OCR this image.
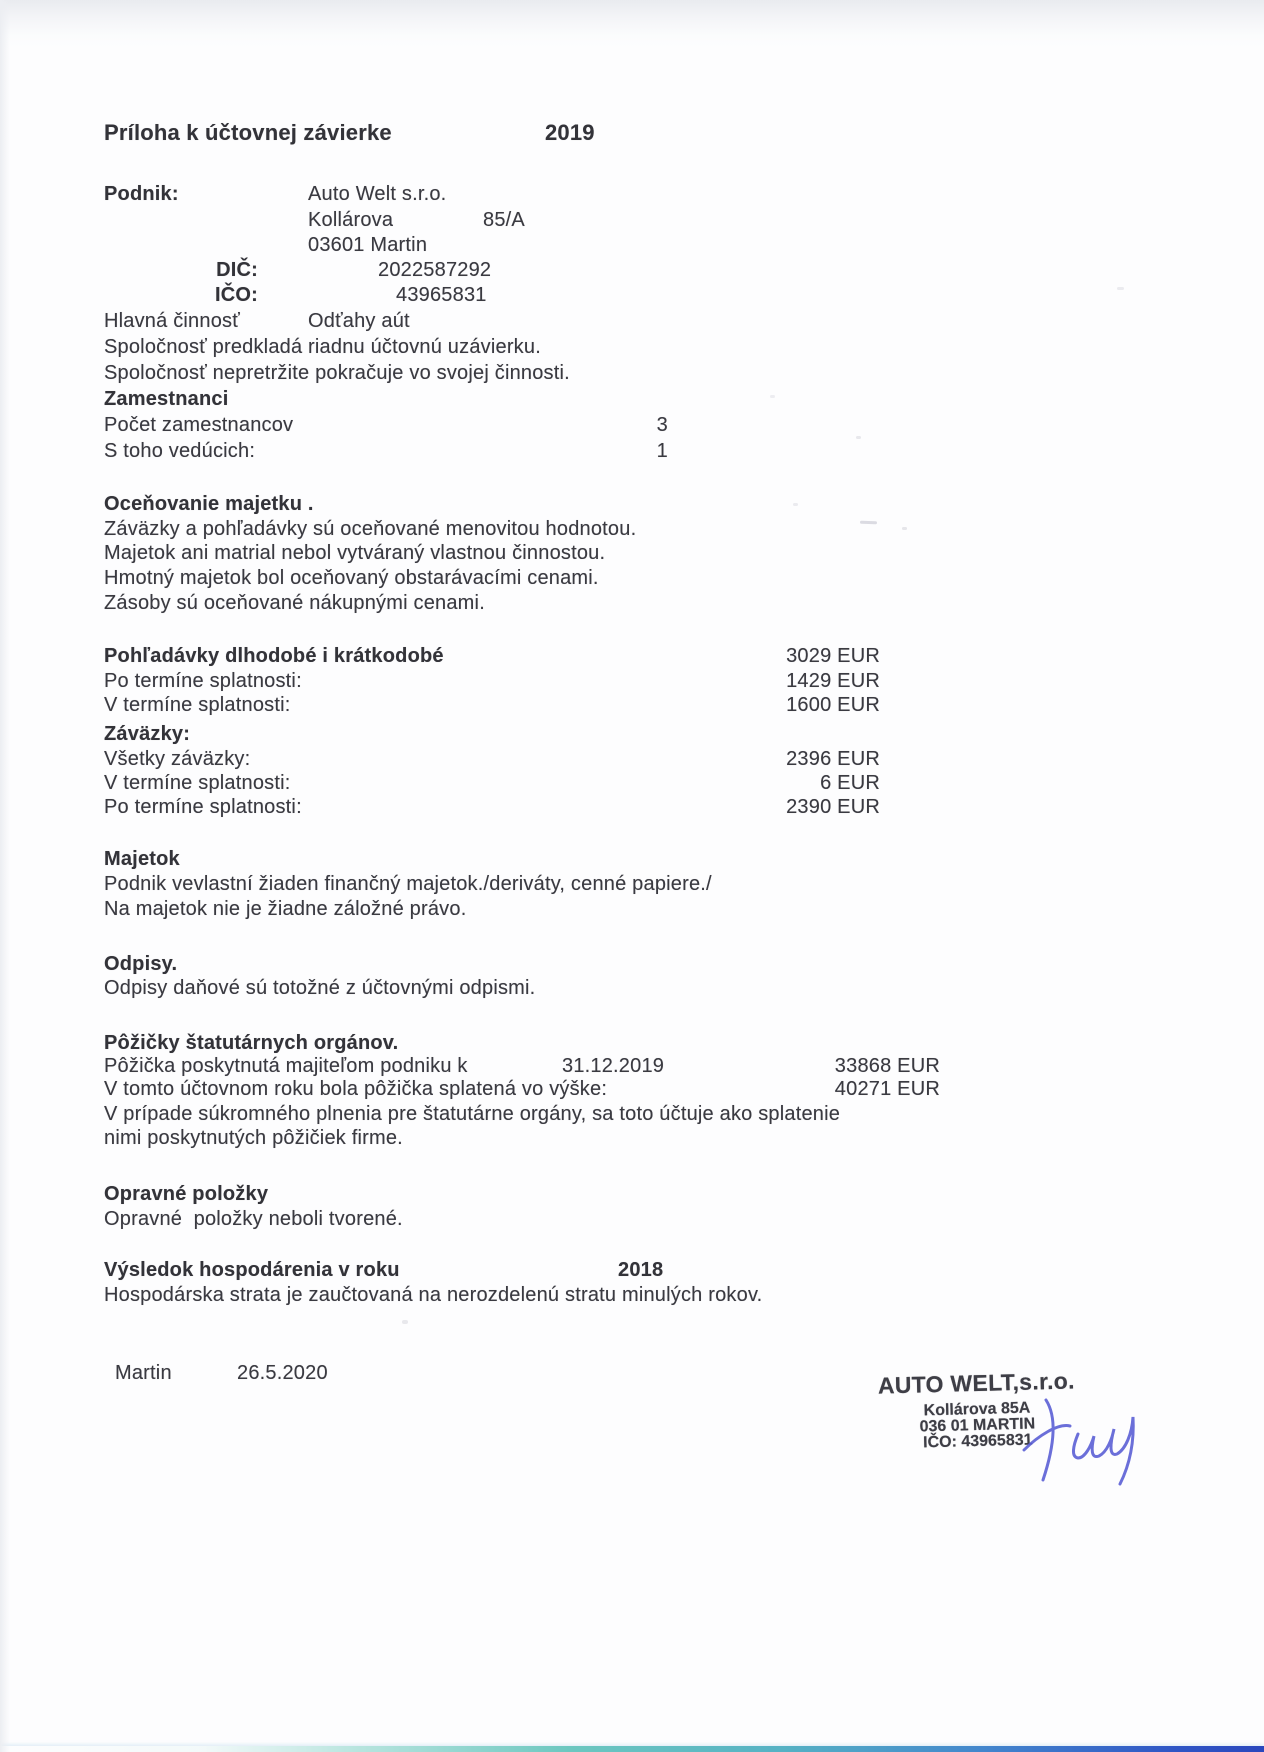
Príloha k účtovnej závierke	2019
Podnik:	Auto Welt s.r.o.
Kollárova	85/A
03601 Martin
DIČ:	2022587292
IČO:	43965831
Hlavná činnosť	Odťahy aút
Spoločnosť predkladá riadnu účtovnú uzávierku.
Spoločnosť nepretržite pokračuje vo svojej činnosti.
Zamestnanci
Počet zamestnancov	3
S toho vedúcich:	1
Oceňovanie majetku .
Záväzky a pohľadávky sú oceňované menovitou hodnotou.
Majetok ani matrial nebol vytváraný vlastnou činnostou.
Hmotný majetok bol oceňovaný obstarávacími cenami.
Zásoby sú oceňované nákupnými cenami.
Pohľadávky dlhodobé i krátkodobé	3029 EUR
Po termíne splatnosti:	1429 EUR
V termíne splatnosti:	1600 EUR
Záväzky:
Všetky záväzky:	2396 EUR
V termíne splatnosti:	6 EUR
Po termíne splatnosti:	2390 EUR
Majetok
Podnik vevlastní žiaden finančný majetok./deriváty, cenné papiere./
Na majetok nie je žiadne záložné právo.
Odpisy.
Odpisy daňové sú totožné z účtovnými odpismi.
Pôžičky štatutárnych orgánov.
Pôžička poskytnutá majiteľom podniku k	31.12.2019	33868 EUR
V tomto účtovnom roku bola pôžička splatená vo výške:	40271 EUR
V prípade súkromného plnenia pre štatutárne orgány, sa toto účtuje ako splatenie
nimi poskytnutých pôžičiek firme.
Opravné položky
Opravné  položky neboli tvorené.
Výsledok hospodárenia v roku	2018
Hospodárska strata je zaučtovaná na nerozdelenú stratu minulých rokov.
Martin	26.5.2020	AUTO WELT,s.r.o.
Kollárova 85A
036 01 MARTIN
IČO: 43965831
